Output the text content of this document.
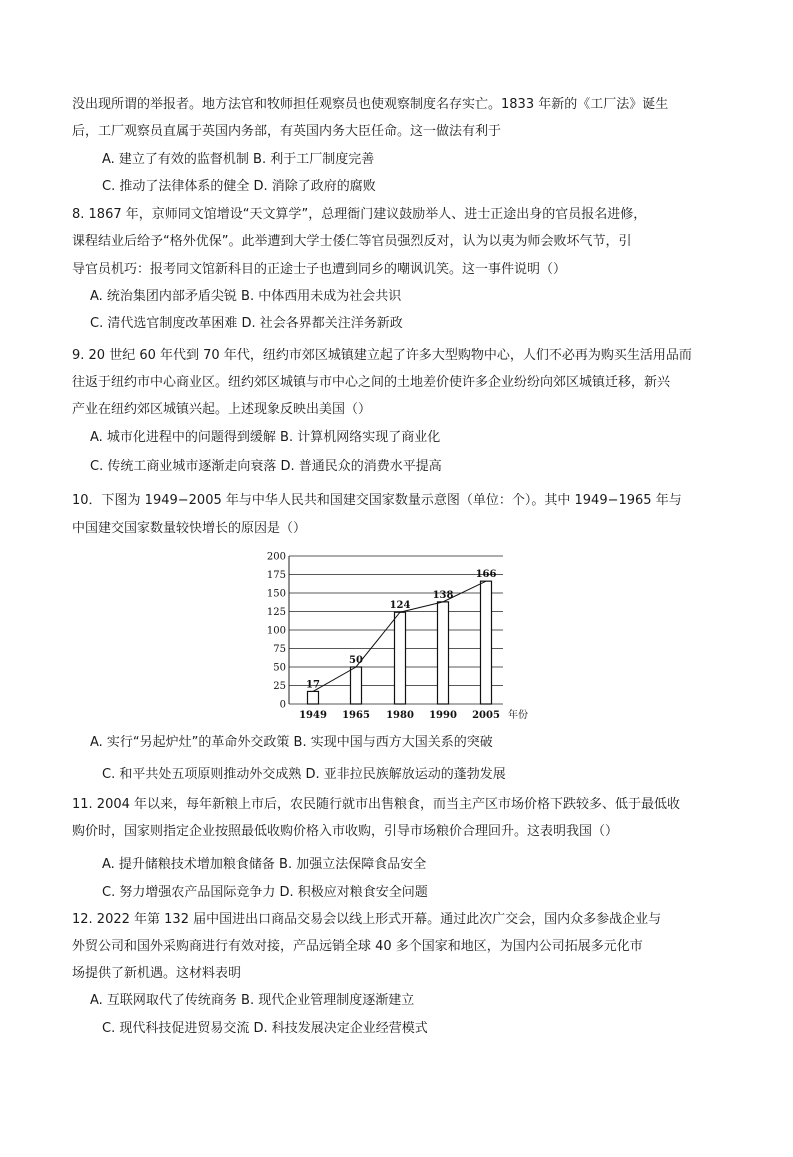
没出现所谓的举报者。地方法官和牧师担任观察员也使观察制度名存实亡。1833 年新的《工厂法》诞生
后，工厂观察员直属于英国内务部，有英国内务大臣任命。这一做法有利于
A. 建立了有效的监督机制 B. 利于工厂制度完善
C. 推动了法律体系的健全 D. 消除了政府的腐败
8. 1867 年，京师同文馆增设“天文算学”，总理衙门建议鼓励举人、进士正途出身的官员报名进修，
课程结业后给予“格外优保”。此举遭到大学士倭仁等官员强烈反对，认为以夷为师会败坏气节，引
导官员机巧：报考同文馆新科目的正途士子也遭到同乡的嘲讽讥笑。这一事件说明（）
A. 统治集团内部矛盾尖锐 B. 中体西用未成为社会共识
C. 清代选官制度改革困难 D. 社会各界都关注洋务新政
9. 20 世纪 60 年代到 70 年代，纽约市郊区城镇建立起了许多大型购物中心，人们不必再为购买生活用品而
往返于纽约市中心商业区。纽约郊区城镇与市中心之间的土地差价使许多企业纷纷向郊区城镇迁移，新兴
产业在纽约郊区城镇兴起。上述现象反映出美国（）
A. 城市化进程中的问题得到缓解 B. 计算机网络实现了商业化
C. 传统工商业城市逐渐走向衰落 D. 普通民众的消费水平提高
10．下图为 1949−2005 年与中华人民共和国建交国家数量示意图（单位：个）。其中 1949−1965 年与
中国建交国家数量较快增长的原因是（）
0
25
50
75
100
125
150
175
200
17
1949
50
1965
124
1980
138
1990
166
2005 年份
A. 实行“另起炉灶”的革命外交政策 B. 实现中国与西方大国关系的突破
C. 和平共处五项原则推动外交成熟 D. 亚非拉民族解放运动的蓬勃发展
11. 2004 年以来，每年新粮上市后，农民随行就市出售粮食，而当主产区市场价格下跌较多、低于最低收
购价时，国家则指定企业按照最低收购价格入市收购，引导市场粮价合理回升。这表明我国（）
A. 提升储粮技术增加粮食储备 B. 加强立法保障食品安全
C. 努力增强农产品国际竞争力 D. 积极应对粮食安全问题
12. 2022 年第 132 届中国进出口商品交易会以线上形式开幕。通过此次广交会，国内众多参战企业与
外贸公司和国外采购商进行有效对接，产品远销全球 40 多个国家和地区，为国内公司拓展多元化市
场提供了新机遇。这材料表明
A. 互联网取代了传统商务 B. 现代企业管理制度逐渐建立
C. 现代科技促进贸易交流 D. 科技发展决定企业经营模式
